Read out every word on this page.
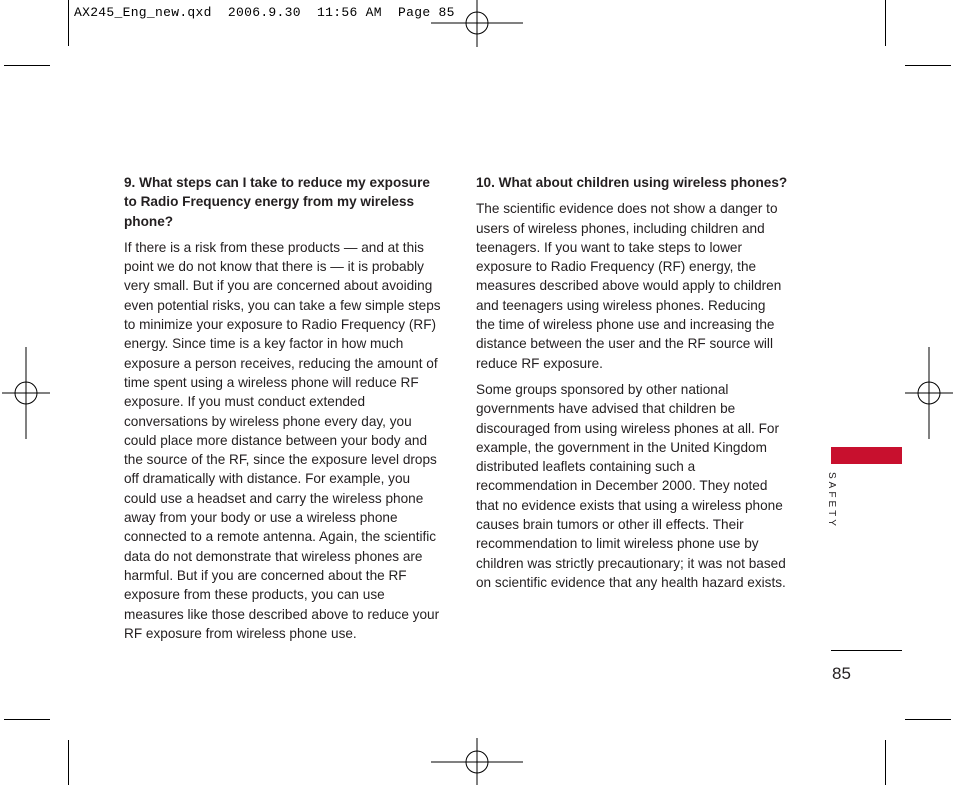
AX245_Eng_new.qxd  2006.9.30  11:56 AM  Page 85
9. What steps can I take to reduce my exposure to Radio Frequency energy from my wireless phone?

If there is a risk from these products — and at this point we do not know that there is — it is probably very small. But if you are concerned about avoiding even potential risks, you can take a few simple steps to minimize your exposure to Radio Frequency (RF) energy. Since time is a key factor in how much exposure a person receives, reducing the amount of time spent using a wireless phone will reduce RF exposure. If you must conduct extended conversations by wireless phone every day, you could place more distance between your body and the source of the RF, since the exposure level drops off dramatically with distance. For example, you could use a headset and carry the wireless phone away from your body or use a wireless phone connected to a remote antenna. Again, the scientific data do not demonstrate that wireless phones are harmful. But if you are concerned about the RF exposure from these products, you can use measures like those described above to reduce your RF exposure from wireless phone use.

10. What about children using wireless phones?

The scientific evidence does not show a danger to users of wireless phones, including children and teenagers. If you want to take steps to lower exposure to Radio Frequency (RF) energy, the measures described above would apply to children and teenagers using wireless phones. Reducing the time of wireless phone use and increasing the distance between the user and the RF source will reduce RF exposure.

Some groups sponsored by other national governments have advised that children be discouraged from using wireless phones at all. For example, the government in the United Kingdom distributed leaflets containing such a recommendation in December 2000. They noted that no evidence exists that using a wireless phone causes brain tumors or other ill effects. Their recommendation to limit wireless phone use by children was strictly precautionary; it was not based on scientific evidence that any health hazard exists.

SAFETY
85
